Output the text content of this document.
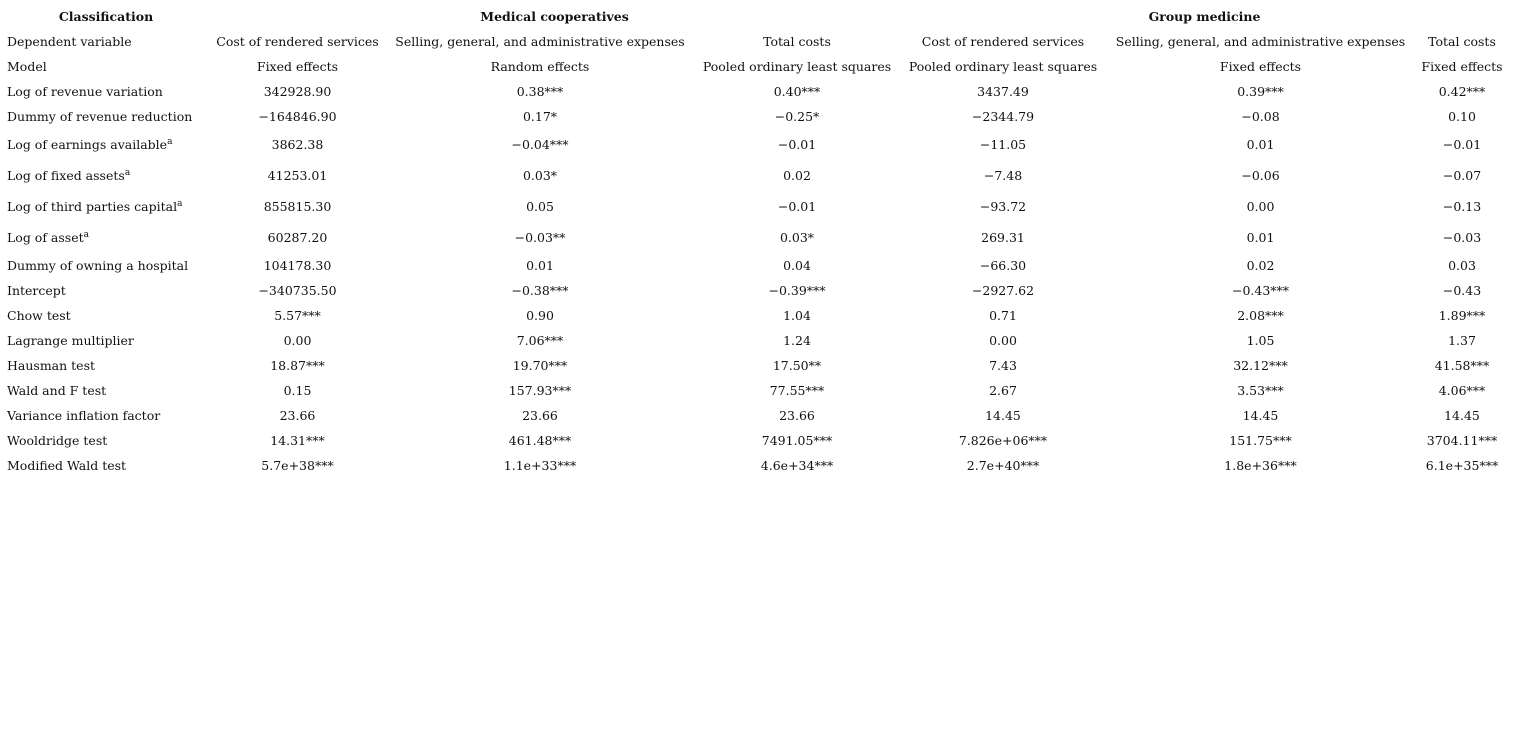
Classification	Medical cooperatives			Group medicine		
Dependent variable	Cost of rendered services	Selling, general, and administrative expenses	Total costs	Cost of rendered services	Selling, general, and administrative expenses	Total costs
Model	Fixed effects	Random effects	Pooled ordinary least squares	Pooled ordinary least squares	Fixed effects	Fixed effects
Log of revenue variation	342928.90	0.38***	0.40***	3437.49	0.39***	0.42***
Dummy of revenue reduction	−164846.90	0.17*	−0.25*	−2344.79	−0.08	0.10
Log of earnings available$^a$	3862.38	−0.04***	−0.01	−11.05	0.01	−0.01
Log of fixed assets$^a$	41253.01	0.03*	0.02	−7.48	−0.06	−0.07
Log of third parties capital$^a$	855815.30	0.05	−0.01	−93.72	0.00	−0.13
Log of asset$^a$	60287.20	−0.03**	0.03*	269.31	0.01	−0.03
Dummy of owning a hospital	104178.30	0.01	0.04	−66.30	0.02	0.03
Intercept	−340735.50	−0.38***	−0.39***	−2927.62	−0.43***	−0.43
Chow test	5.57***	0.90	1.04	0.71	2.08***	1.89***
Lagrange multiplier	0.00	7.06***	1.24	0.00	1.05	1.37
Hausman test	18.87***	19.70***	17.50**	7.43	32.12***	41.58***
Wald and F test	0.15	157.93***	77.55***	2.67	3.53***	4.06***
Variance inflation factor	23.66	23.66	23.66	14.45	14.45	14.45
Wooldridge test	14.31***	461.48***	7491.05***	7.826e+06***	151.75***	3704.11***
Modified Wald test	5.7e+38***	1.1e+33***	4.6e+34***	2.7e+40***	1.8e+36***	6.1e+35***
